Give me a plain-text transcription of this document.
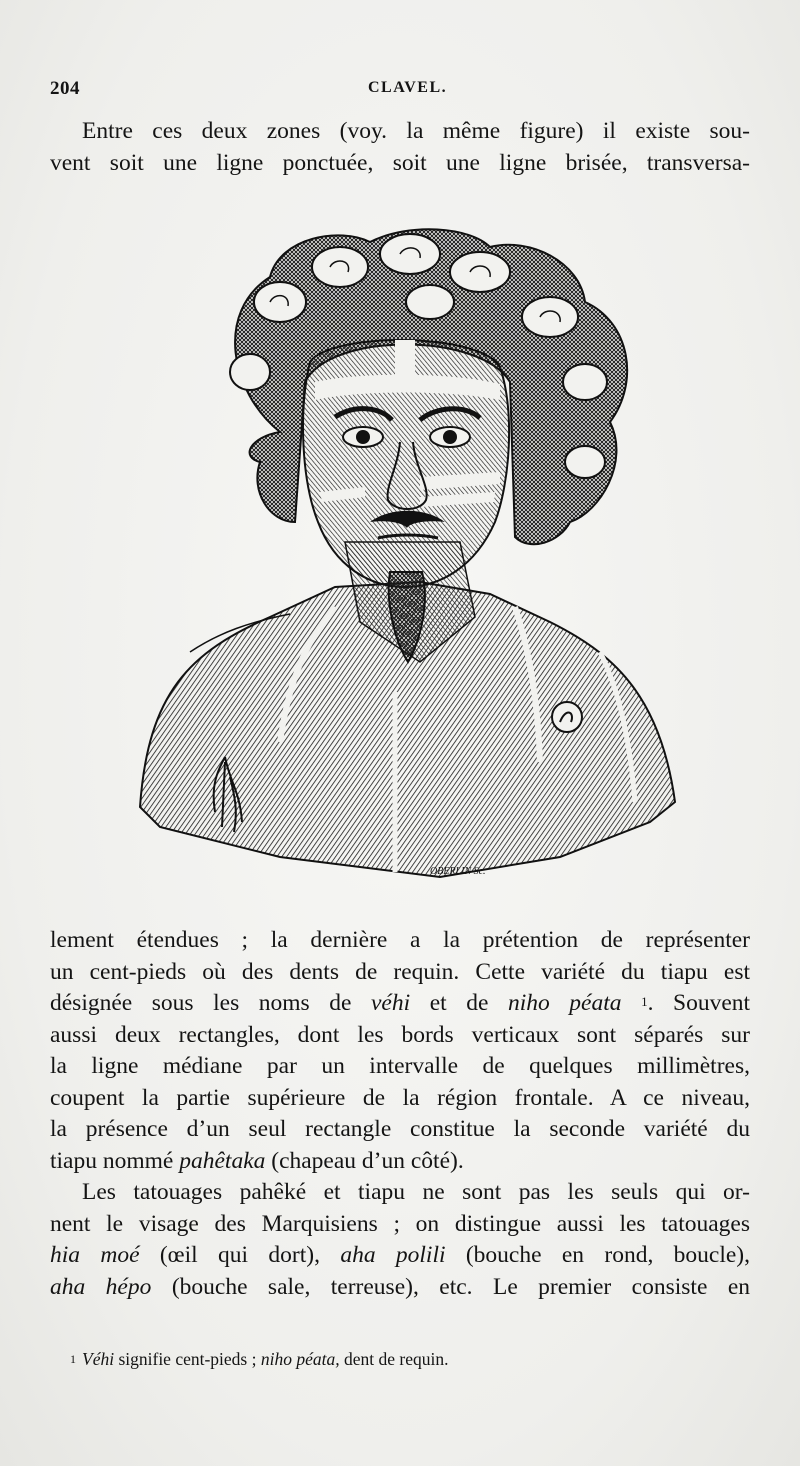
204	CLAVEL.
Entre ces deux zones (voy. la même figure) il existe sou-
vent soit une ligne ponctuée, soit une ligne brisée, transversa-
OBERLIN Sc.
lement étendues ; la dernière a la prétention de représenter
un cent-pieds où des dents de requin. Cette variété du tiapu est
désignée sous les noms de véhi et de niho péata $^1$. Souvent
aussi deux rectangles, dont les bords verticaux sont séparés sur
la ligne médiane par un intervalle de quelques millimètres,
coupent la partie supérieure de la région frontale. A ce niveau,
la présence d’un seul rectangle constitue la seconde variété du
tiapu nommé pahêtaka (chapeau d’un côté).
Les tatouages pahêké et tiapu ne sont pas les seuls qui or-
nent le visage des Marquisiens ; on distingue aussi les tatouages
hia moé (œil qui dort), aha polili (bouche en rond, boucle),
aha hépo (bouche sale, terreuse), etc. Le premier consiste en
$^1$ Véhi signifie cent-pieds ; niho péata, dent de requin.
